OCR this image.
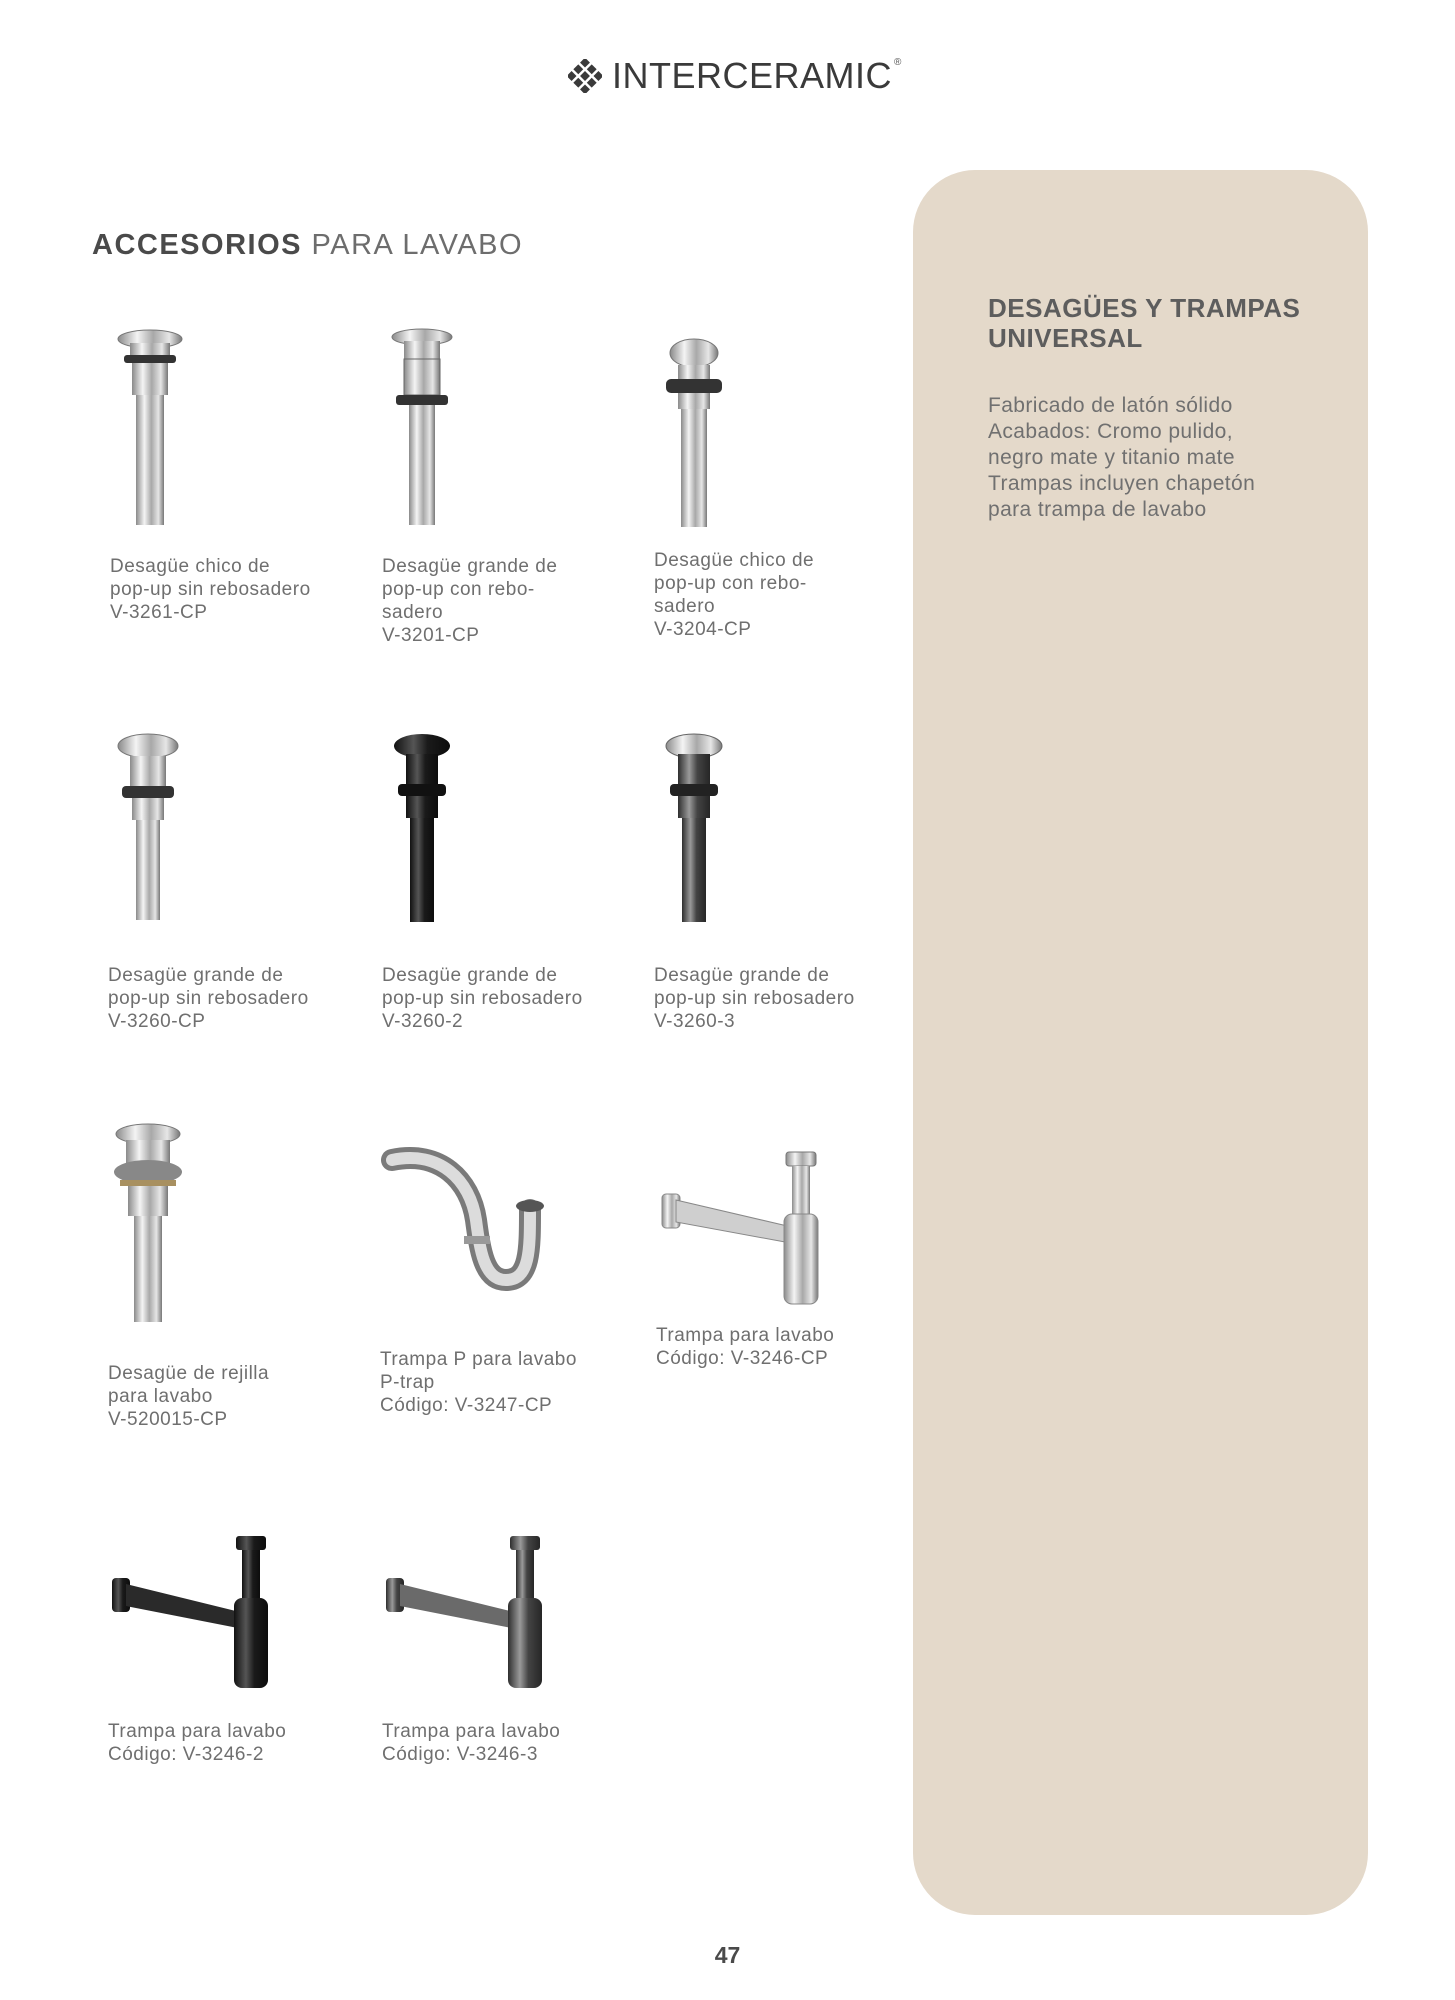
INTERCERAMIC ®
ACCESORIOS PARA LAVABO
DESAGÜES Y TRAMPAS
UNIVERSAL
Fabricado de latón sólido
Acabados: Cromo pulido,
negro mate y titanio mate
Trampas incluyen chapetón
para trampa de lavabo
Desagüe chico de
pop-up sin rebosadero
V-3261-CP
Desagüe grande de
pop-up con rebo-
sadero
V-3201-CP
Desagüe chico de
pop-up con rebo-
sadero
V-3204-CP
Desagüe grande de
pop-up sin rebosadero
V-3260-CP
Desagüe grande de
pop-up sin rebosadero
V-3260-2
Desagüe grande de
pop-up sin rebosadero
V-3260-3
Desagüe de rejilla
para lavabo
V-520015-CP
Trampa P para lavabo
P-trap
Código: V-3247-CP
Trampa para lavabo
Código: V-3246-CP
Trampa para lavabo
Código: V-3246-2
Trampa para lavabo
Código: V-3246-3
47
